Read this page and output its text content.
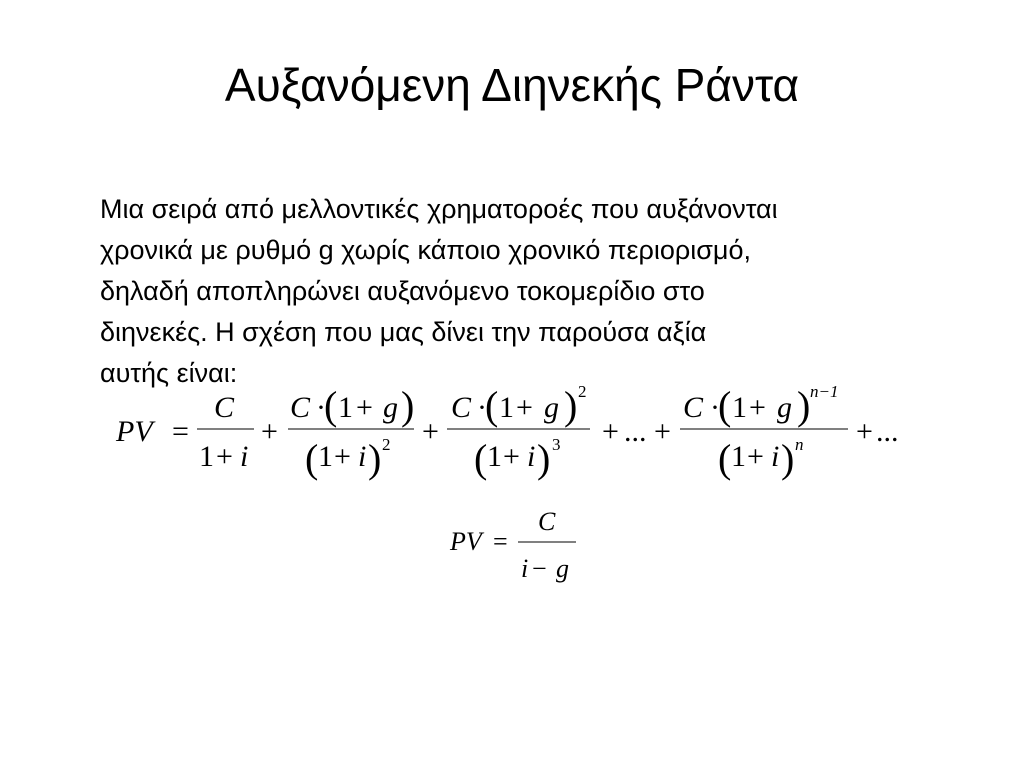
Αυξανόμενη Διηνεκής Ράντα
Μια σειρά από μελλοντικές χρηματοροές που αυξάνονται
χρονικά με ρυθμό g χωρίς κάποιο χρονικό περιορισμό,
δηλαδή αποπληρώνει αυξανόμενο τοκομερίδιο στο
διηνεκές. Η σχέση που μας δίνει την παρούσα αξία
αυτής είναι:
PV =
C
1 + i
+
C ·
( 1 + g )
( 1 + i ) 2 +
C ·
( 1 + g ) 2
( 1 + i ) 3 + ... +
C ·
( 1 + g ) n−1
( 1 + i ) n + ...
PV =
C
i − g
